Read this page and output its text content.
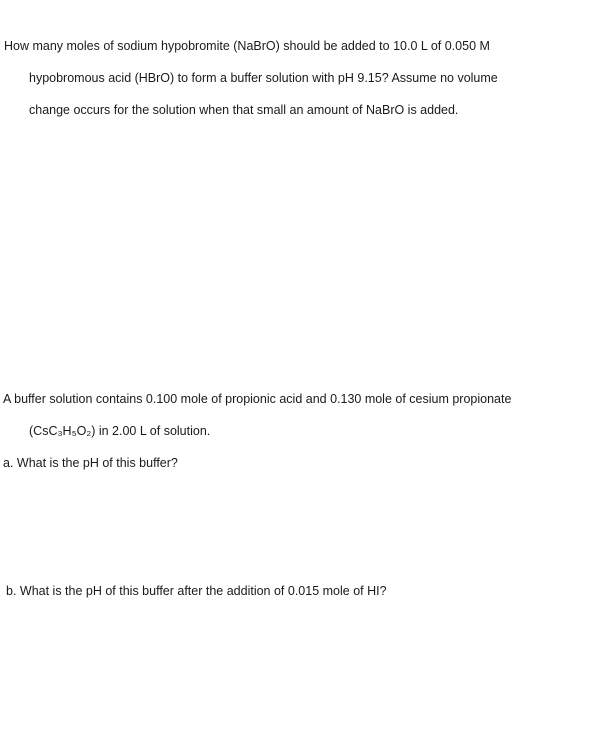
How many moles of sodium hypobromite (NaBrO) should be added to 10.0 L of 0.050 M
hypobromous acid (HBrO) to form a buffer solution with pH 9.15? Assume no volume
change occurs for the solution when that small an amount of NaBrO is added.
A buffer solution contains 0.100 mole of propionic acid and 0.130 mole of cesium propionate
(CsC₃H₅O₂) in 2.00 L of solution.
a. What is the pH of this buffer?
b. What is the pH of this buffer after the addition of 0.015 mole of HI?
